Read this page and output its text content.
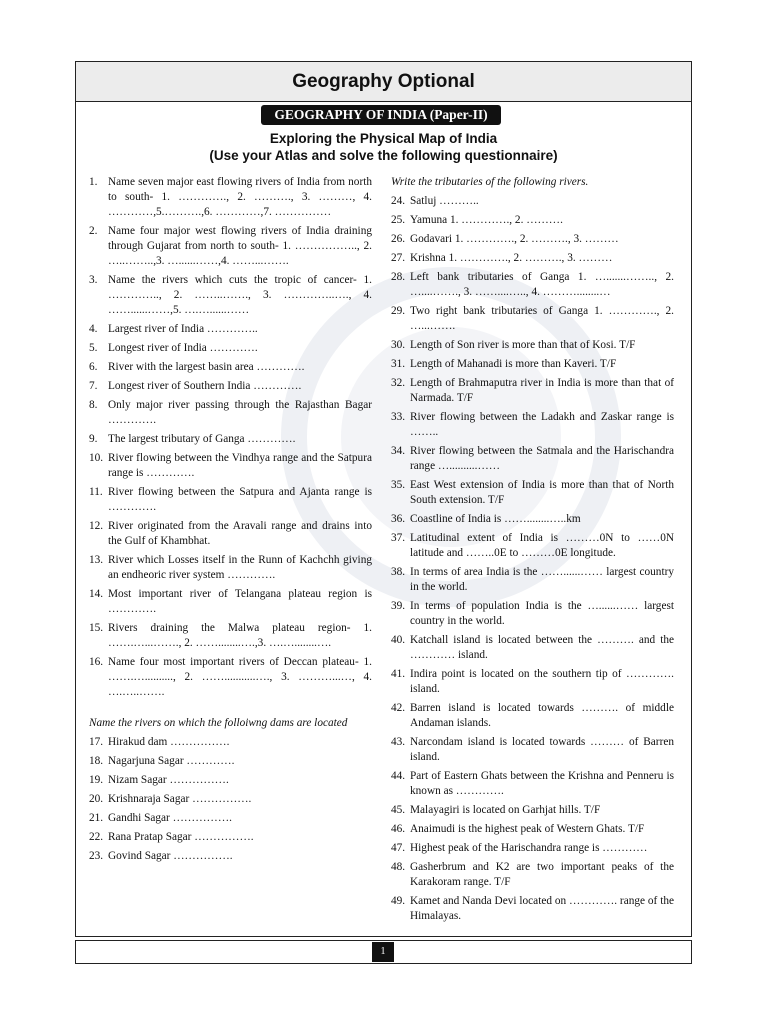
Geography Optional
GEOGRAPHY OF INDIA (Paper-II)
Exploring the Physical Map of India
(Use your Atlas and solve the following questionnaire)
1. Name seven major east flowing rivers of India from north to south- 1. …………., 2. ………., 3. ………, 4. …………,5.……….,6. …………,7. ……………
2. Name four major west flowing rivers of India draining through Gujarat from north to south- 1. …………….., 2. …..……..,3. …......……,4. ……...…….
3. Name the rivers which cuts the tropic of cancer- 1. ………….., 2. ……..……., 3. …………..…., 4. ……......……,5. ….…......……
4. Largest river of India …………..
5. Longest river of India ………….
6. River with the largest basin area ………….
7. Longest river of Southern India ………….
8. Only major river passing through the Rajasthan Bagar ………….
9. The largest tributary of Ganga ………….
10. River flowing between the Vindhya range and the Satpura range is ………….
11. River flowing between the Satpura and Ajanta range is ………….
12. River originated from the Aravali range and drains into the Gulf of Khambhat.
13. River which Losses itself in the Runn of Kachchh giving an endheoric river system ………….
14. Most important river of Telangana plateau region is ………….
15. Rivers draining the Malwa plateau region- 1. …….…...……., 2. ……........….,3. ….…........….
16. Name four most important rivers of Deccan plateau- 1. …….….........., 2. ……...........…., 3. ………...…, 4. ….…..…….
Name the rivers on which the folloiwng dams are located
17. Hirakud dam …………….
18. Nagarjuna Sagar ………….
19. Nizam Sagar …………….
20. Krishnaraja Sagar …………….
21. Gandhi Sagar …………….
22. Rana Pratap Sagar …………….
23. Govind Sagar …………….
Write the tributaries of the following rivers.
24. Satluj ………..
25. Yamuna 1. …………., 2. ……….
26. Godavari 1. …………., 2. ………., 3. ………
27. Krishna 1. …………., 2. ………., 3. ………
28. Left bank tributaries of Ganga 1. ….......…….., 2. …....……., 3. ……....….., 4. ………........…
29. Two right bank tributaries of Ganga 1. …………., 2. …...…….
30. Length of Son river is more than that of Kosi. T/F
31. Length of Mahanadi is more than Kaveri. T/F
32. Length of Brahmaputra river in India is more than that of Narmada. T/F
33. River flowing between the Ladakh and Zaskar range is ……..
34. River flowing between the Satmala and the Harischandra range …..........……
35. East West extension of India is more than that of North South extension. T/F
36. Coastline of India is ……........…..km
37. Latitudinal extent of India is ………0N to ……0N latitude and ……..0E to ………0E longitude.
38. In terms of area India is the ……......…… largest country in the world.
39. In terms of population India is the …......…… largest country in the world.
40. Katchall island is located between the ………. and the ………… island.
41. Indira point is located on the southern tip of …………. island.
42. Barren island is located towards ………. of middle Andaman islands.
43. Narcondam island is located towards ……… of Barren island.
44. Part of Eastern Ghats between the Krishna and Penneru is known as ………….
45. Malayagiri is located on Garhjat hills. T/F
46. Anaimudi is the highest peak of Western Ghats. T/F
47. Highest peak of the Harischandra range is …………
48. Gasherbrum and K2 are two important peaks of the Karakoram range. T/F
49. Kamet and Nanda Devi located on …………. range of the Himalayas.
1
